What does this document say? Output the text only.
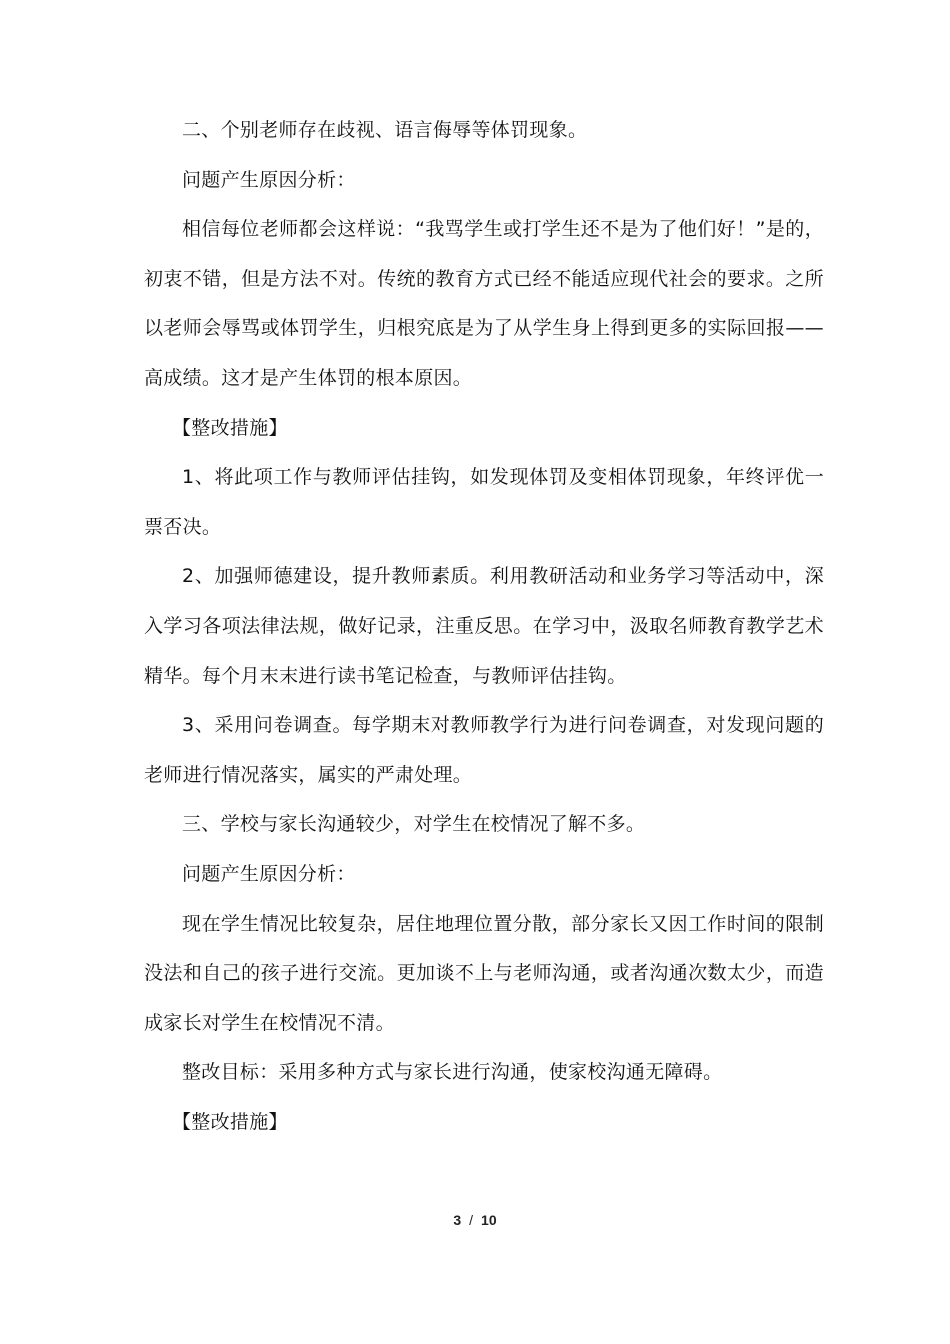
二、个别老师存在歧视、语言侮辱等体罚现象。

问题产生原因分析：

相信每位老师都会这样说：“我骂学生或打学生还不是为了他们好！”是的，初衷不错，但是方法不对。传统的教育方式已经不能适应现代社会的要求。之所以老师会辱骂或体罚学生，归根究底是为了从学生身上得到更多的实际回报——高成绩。这才是产生体罚的根本原因。

【整改措施】

1、将此项工作与教师评估挂钩，如发现体罚及变相体罚现象，年终评优一票否决。

2、加强师德建设，提升教师素质。利用教研活动和业务学习等活动中，深入学习各项法律法规，做好记录，注重反思。在学习中，汲取名师教育教学艺术精华。每个月末末进行读书笔记检查，与教师评估挂钩。

3、采用问卷调查。每学期末对教师教学行为进行问卷调查，对发现问题的老师进行情况落实，属实的严肃处理。

三、学校与家长沟通较少，对学生在校情况了解不多。

问题产生原因分析：

现在学生情况比较复杂，居住地理位置分散，部分家长又因工作时间的限制没法和自己的孩子进行交流。更加谈不上与老师沟通，或者沟通次数太少，而造成家长对学生在校情况不清。

整改目标：采用多种方式与家长进行沟通，使家校沟通无障碍。

【整改措施】

3 / 10
